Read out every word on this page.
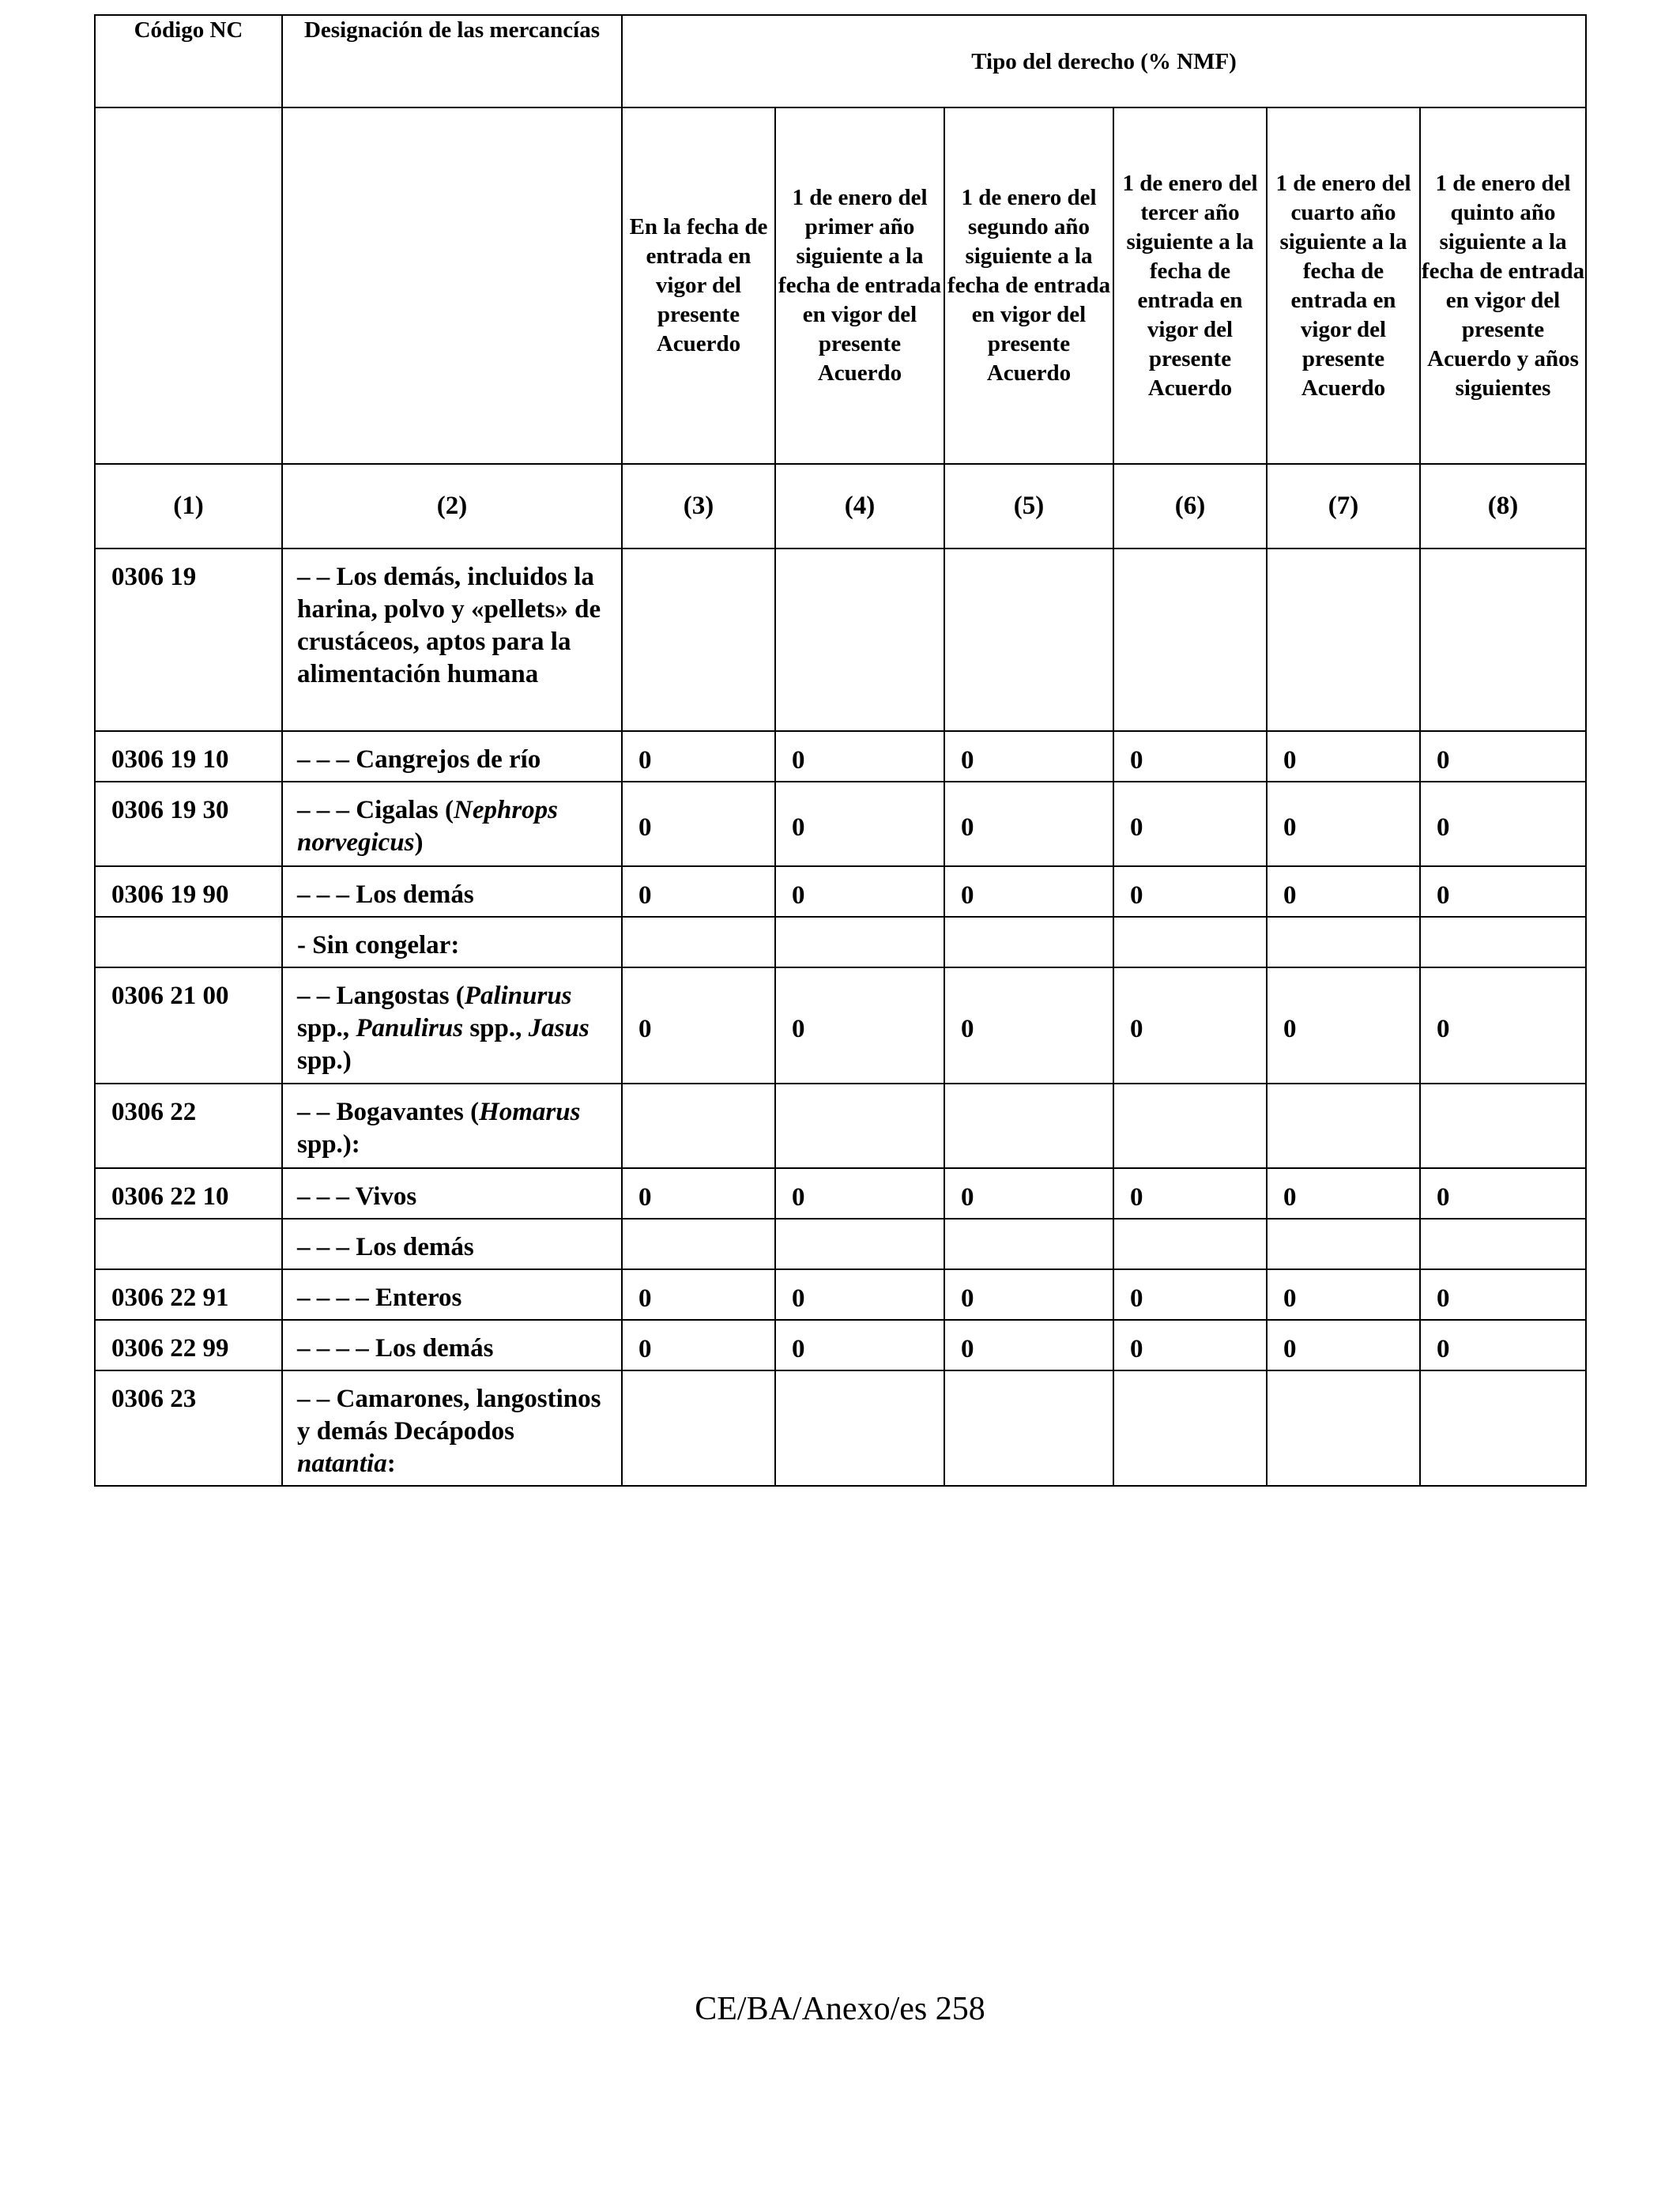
Código NC	Designación de las mercancías	Tipo del derecho (% NMF)					
		En la fecha de entrada en vigor del presente Acuerdo	1 de enero del primer año siguiente a la fecha de entrada en vigor del presente Acuerdo	1 de enero del segundo año siguiente a la fecha de entrada en vigor del presente Acuerdo	1 de enero del tercer año siguiente a la fecha de entrada en vigor del presente Acuerdo	1 de enero del cuarto año siguiente a la fecha de entrada en vigor del presente Acuerdo	1 de enero del quinto año siguiente a la fecha de entrada en vigor del presente Acuerdo y años siguientes
(1)	(2)	(3)	(4)	(5)	(6)	(7)	(8)
0306 19	– – Los demás, incluidos la harina, polvo y «pellets» de crustáceos, aptos para la alimentación humana						
0306 19 10	– – – Cangrejos de río	0	0	0	0	0	0
0306 19 30	– – – Cigalas (Nephrops norvegicus)	0	0	0	0	0	0
0306 19 90	– – – Los demás	0	0	0	0	0	0
	- Sin congelar:						
0306 21 00	– – Langostas (Palinurus spp., Panulirus spp., Jasus spp.)	0	0	0	0	0	0
0306 22	– – Bogavantes (Homarus spp.):						
0306 22 10	– – – Vivos	0	0	0	0	0	0
	– – – Los demás						
0306 22 91	– – – – Enteros	0	0	0	0	0	0
0306 22 99	– – – – Los demás	0	0	0	0	0	0
0306 23	– – Camarones, langostinos y demás Decápodos natantia:						
CE/BA/Anexo/es 258
